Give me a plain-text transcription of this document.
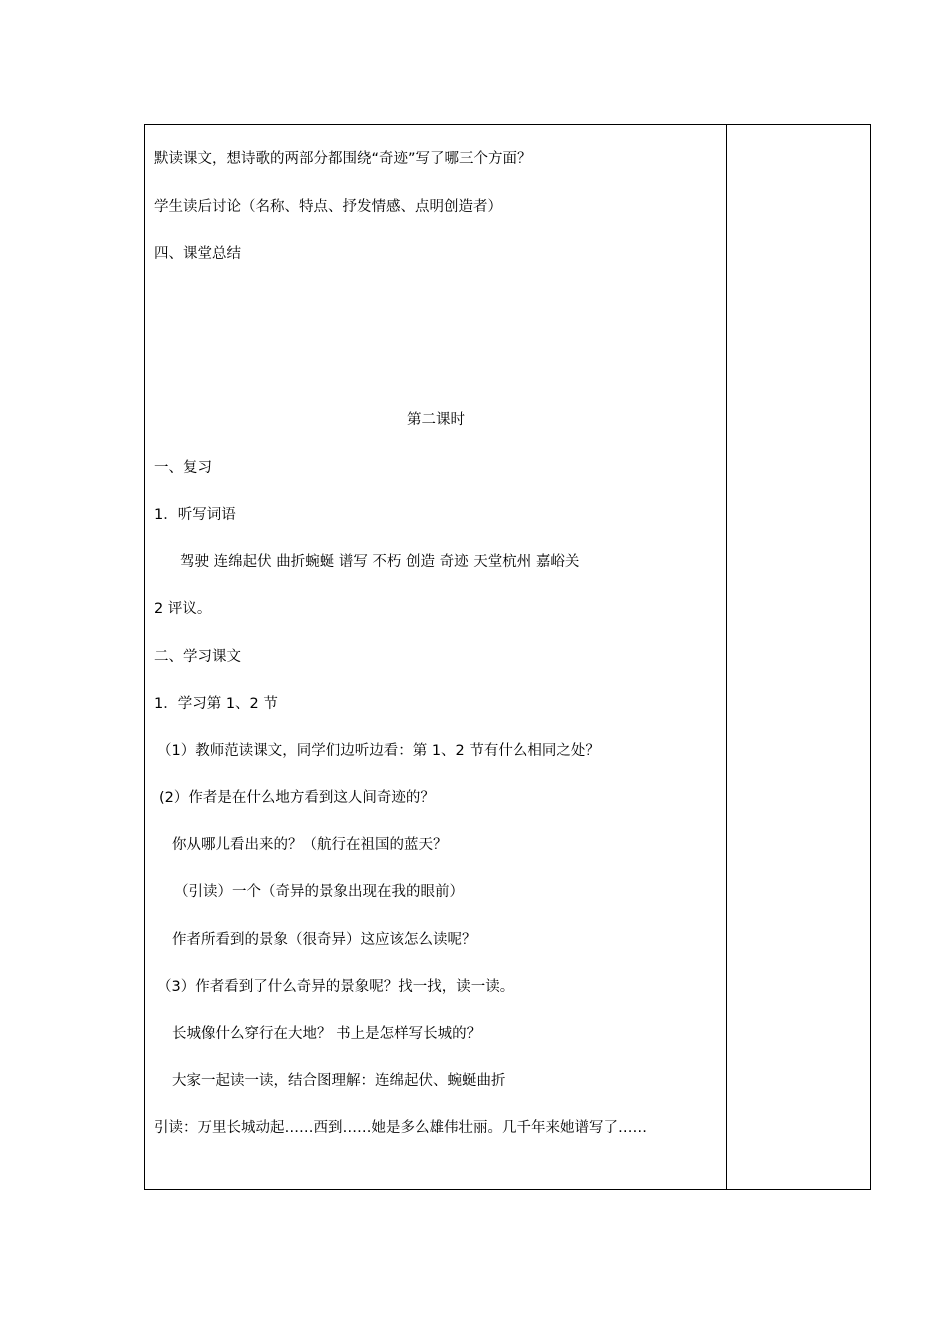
默读课文，想诗歌的两部分都围绕“奇迹”写了哪三个方面？
学生读后讨论（名称、特点、抒发情感、点明创造者）
四、课堂总结
第二课时
一、复习
1．听写词语
驾驶 连绵起伏 曲折蜿蜒 谱写 不朽 创造 奇迹 天堂杭州 嘉峪关
2 评议。
二、学习课文
1．学习第 1、2 节
（1）教师范读课文，同学们边听边看：第 1、2 节有什么相同之处？
(2）作者是在什么地方看到这人间奇迹的？
你从哪儿看出来的？（航行在祖国的蓝天？
（引读）一个（奇异的景象出现在我的眼前）
作者所看到的景象（很奇异）这应该怎么读呢？
（3）作者看到了什么奇异的景象呢？找一找，读一读。
长城像什么穿行在大地？ 书上是怎样写长城的？
大家一起读一读，结合图理解：连绵起伏、蜿蜒曲折
引读：万里长城动起……西到……她是多么雄伟壮丽。几千年来她谱写了……
